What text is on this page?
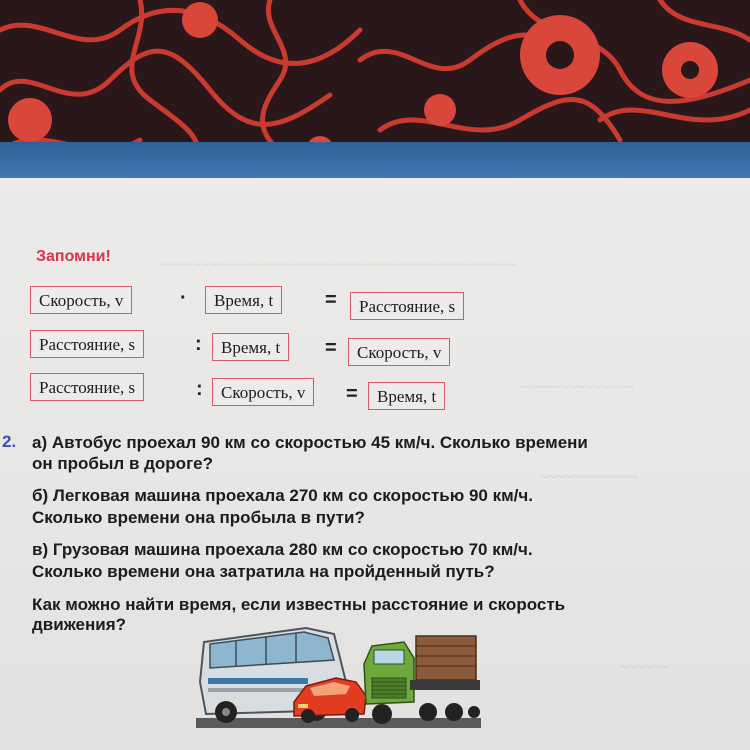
~~~~~~~~~~~~~~~~~~~~~~~~~~~~~~~~~~~~~~~~~~~~
~~~~~~~~~~~~~~
~~~~~~~~~~~~
~~~~~~
Запомни!
Скорость, v	·	Время, t	=	Расстояние, s
Расстояние, s	:	Время, t	=	Скорость, v
Расстояние, s	:	Скорость, v	=	Время, t
2. а) Автобус проехал 90 км со скоростью 45 км/ч. Сколько времени
он пробыл в дороге?
б) Легковая машина проехала 270 км со скоростью 90 км/ч.
Сколько времени она пробыла в пути?
в) Грузовая машина проехала 280 км со скоростью 70 км/ч.
Сколько времени она затратила на пройденный путь?
Как можно найти время, если известны расстояние и скорость
движения?
